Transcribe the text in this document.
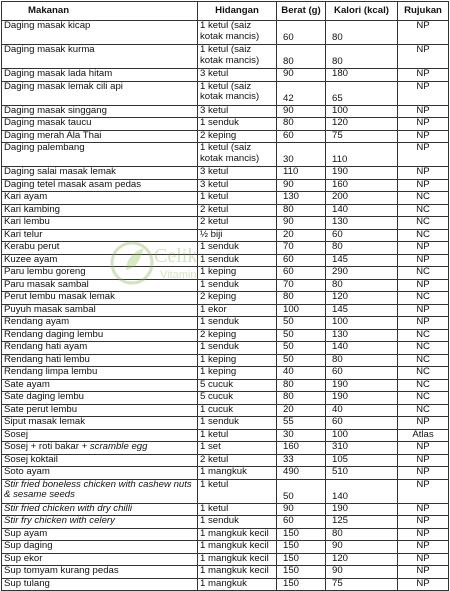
Makanan	Hidangan	Berat (g)	Kalori (kcal)	Rujukan
Daging masak kicap	1 ketul (saiz kotak mancis)	60	80	NP
Daging masak kurma	1 ketul (saiz kotak mancis)	80	80	NP
Daging masak lada hitam	3 ketul	90	180	NP
Daging masak lemak cili api	1 ketul (saiz kotak mancis)	42	65	NP
Daging masak singgang	3 ketul	90	100	NP
Daging masak taucu	1 senduk	80	120	NP
Daging merah Ala Thai	2 keping	60	75	NP
Daging palembang	1 ketul (saiz kotak mancis)	30	110	NP
Daging salai masak lemak	3 ketul	110	190	NP
Daging tetel masak asam pedas	3 ketul	90	160	NP
Kari ayam	1 ketul	130	200	NC
Kari kambing	2 ketul	80	140	NC
Kari lembu	2 ketul	90	130	NC
Kari telur	½ biji	20	60	NC
Kerabu perut	1 senduk	70	80	NP
Kuzee ayam	1 senduk	60	145	NP
Paru lembu goreng	1 keping	60	290	NC
Paru masak sambal	1 senduk	70	80	NP
Perut lembu masak lemak	2 keping	80	120	NC
Puyuh masak sambal	1 ekor	100	145	NP
Rendang ayam	1 senduk	50	100	NP
Rendang daging lembu	2 keping	50	130	NC
Rendang hati ayam	1 senduk	50	140	NC
Rendang hati lembu	1 keping	50	80	NC
Rendang limpa lembu	1 keping	40	60	NC
Sate ayam	5 cucuk	80	190	NC
Sate daging lembu	5 cucuk	80	190	NC
Sate perut lembu	1 cucuk	20	40	NC
Siput masak lemak	1 senduk	55	60	NP
Sosej	1 ketul	30	100	Atlas
Sosej + roti bakar + scramble egg	1 set	160	310	NP
Sosej koktail	2 ketul	33	105	NP
Soto ayam	1 mangkuk	490	510	NP
Stir fried boneless chicken with cashew nuts & sesame seeds	1 ketul	50	140	NP
Stir fried chicken with dry chilli	1 ketul	90	190	NP
Stir fry chicken with celery	1 senduk	60	125	NP
Sup ayam	1 mangkuk kecil	150	80	NP
Sup daging	1 mangkuk kecil	150	90	NP
Sup ekor	1 mangkuk kecil	150	120	NP
Sup tomyam kurang pedas	1 mangkuk kecil	150	90	NP
Sup tulang	1 mangkuk	150	75	NP
Celik
Vitamin
